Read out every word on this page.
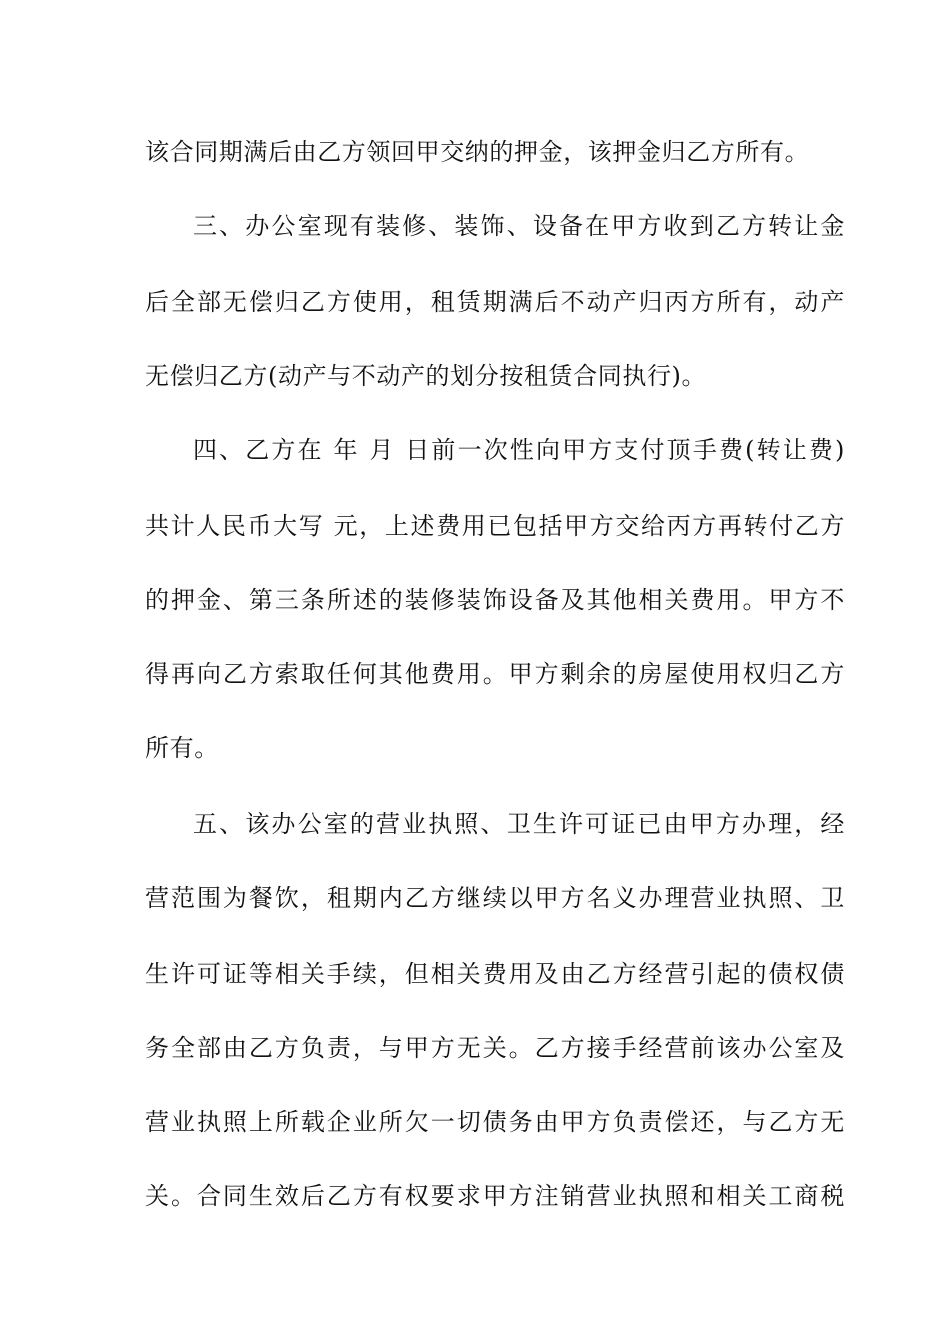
该合同期满后由乙方领回甲交纳的押金，该押金归乙方所有。
三、办公室现有装修、装饰、设备在甲方收到乙方转让金
后全部无偿归乙方使用，租赁期满后不动产归丙方所有，动产
无偿归乙方(动产与不动产的划分按租赁合同执行)。
四、乙方在 年 月 日前一次性向甲方支付顶手费(转让费)
共计人民币大写 元，上述费用已包括甲方交给丙方再转付乙方
的押金、第三条所述的装修装饰设备及其他相关费用。甲方不
得再向乙方索取任何其他费用。甲方剩余的房屋使用权归乙方
所有。
五、该办公室的营业执照、卫生许可证已由甲方办理，经
营范围为餐饮，租期内乙方继续以甲方名义办理营业执照、卫
生许可证等相关手续，但相关费用及由乙方经营引起的债权债
务全部由乙方负责，与甲方无关。乙方接手经营前该办公室及
营业执照上所载企业所欠一切债务由甲方负责偿还，与乙方无
关。合同生效后乙方有权要求甲方注销营业执照和相关工商税
